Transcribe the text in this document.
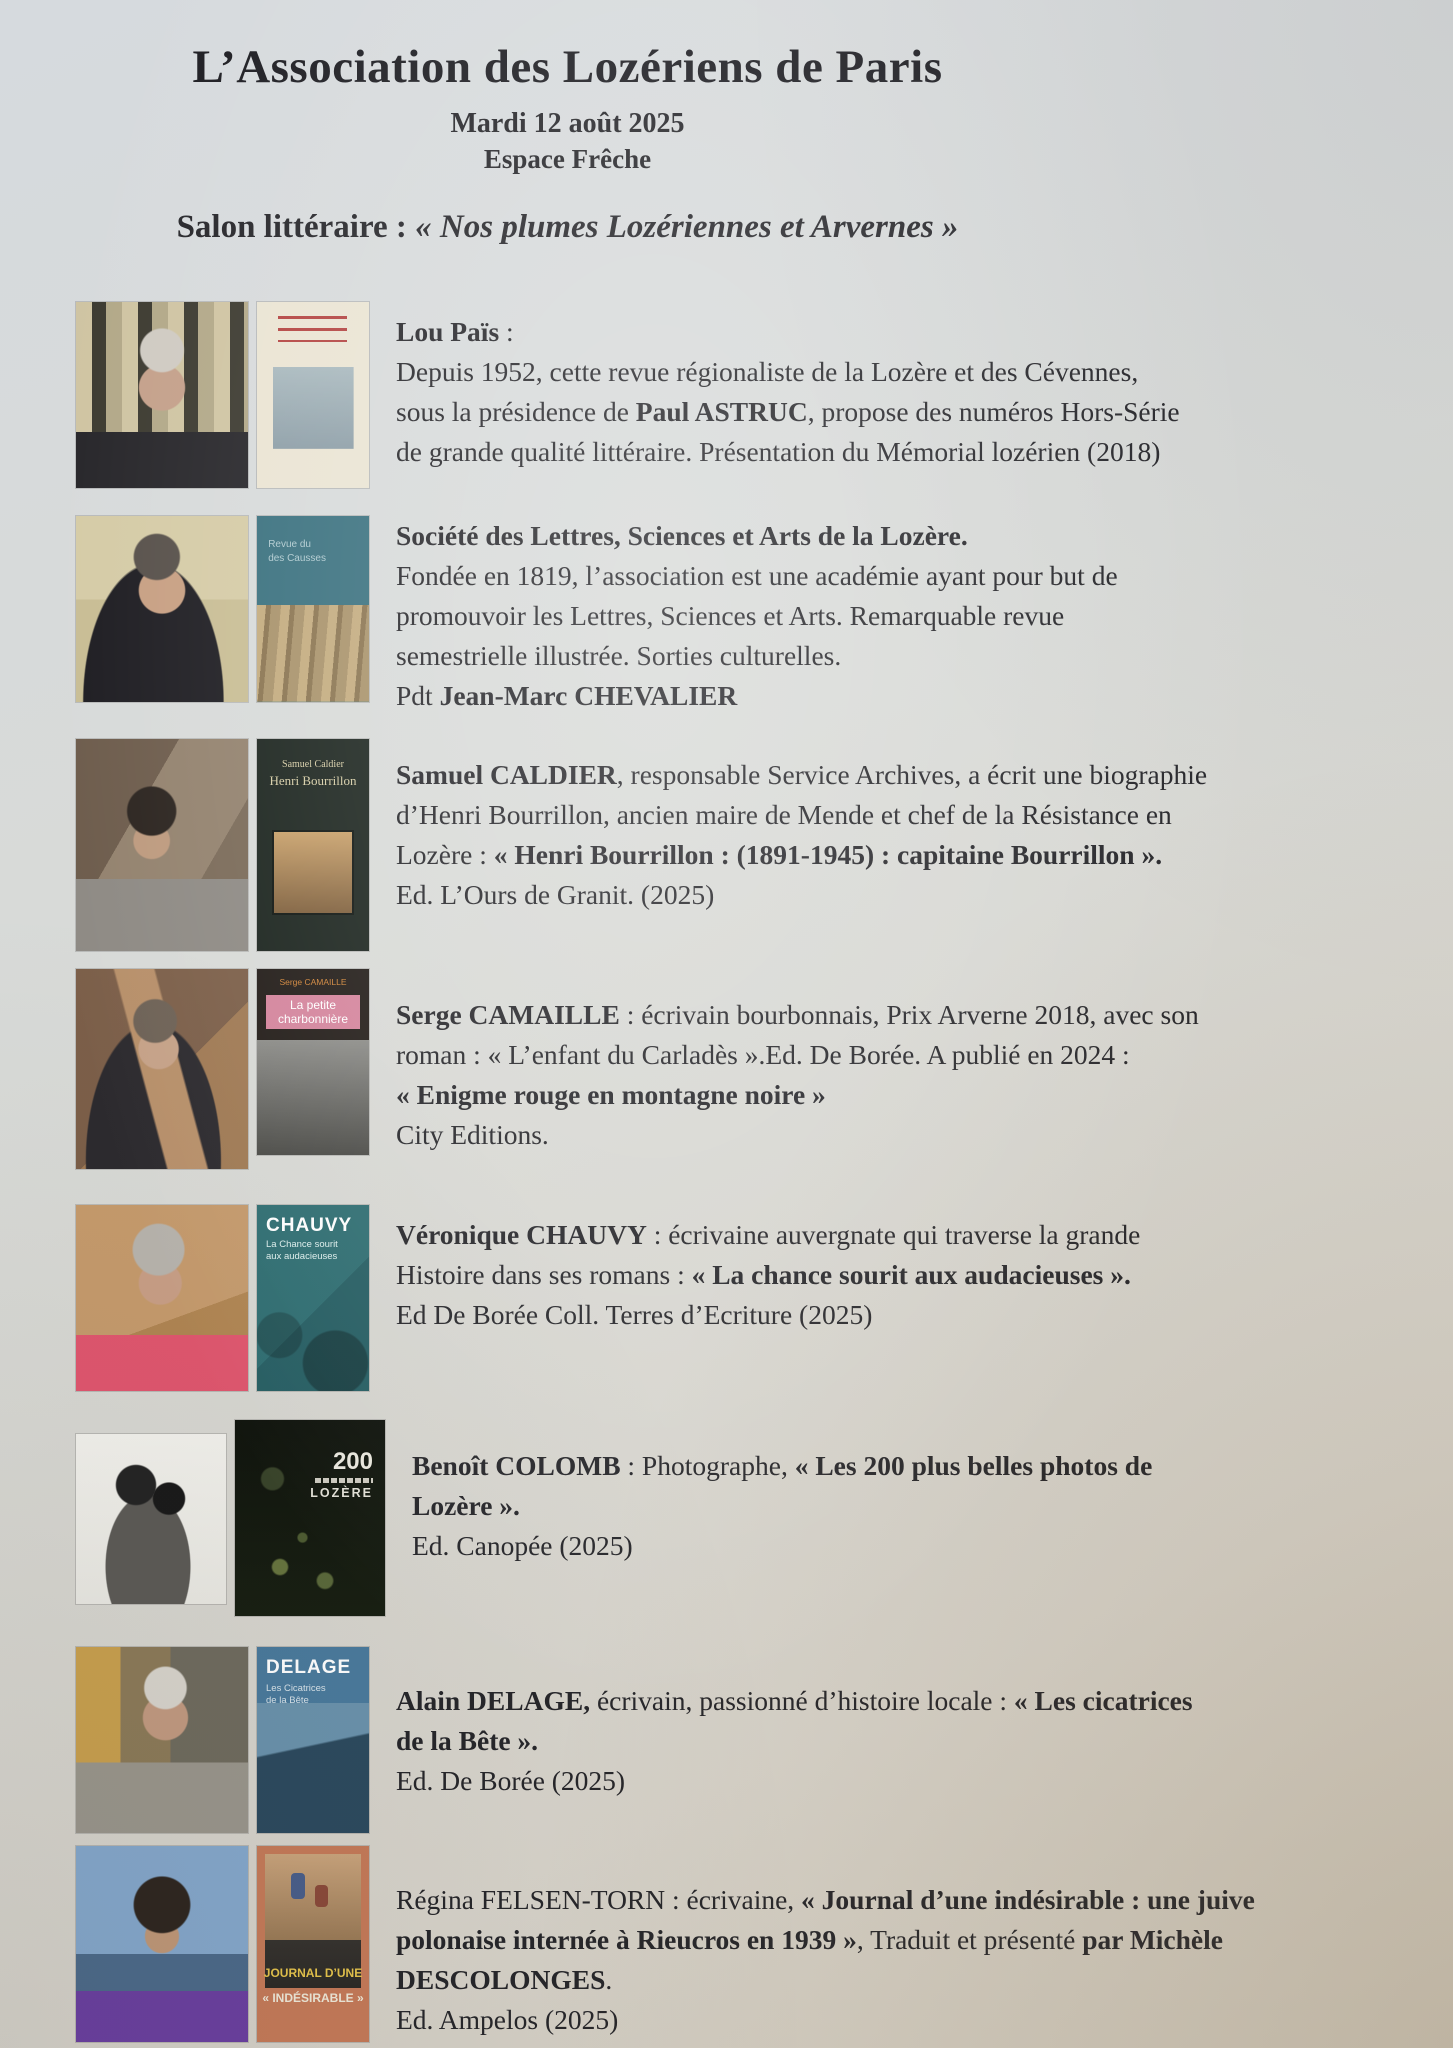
L’Association des Lozériens de Paris
Mardi 12 août 2025
Espace Frêche
Salon littéraire : « Nos plumes Lozériennes et Arvernes »
Lou Païs :
Depuis 1952, cette revue régionaliste de la Lozère et des Cévennes,
sous la présidence de Paul ASTRUC, propose des numéros Hors-Série
de grande qualité littéraire. Présentation du Mémorial lozérien (2018)
Revue du
des Causses
Société des Lettres, Sciences et Arts de la Lozère.
Fondée en 1819, l’association est une académie ayant pour but de
promouvoir les Lettres, Sciences et Arts. Remarquable revue
semestrielle illustrée. Sorties culturelles.
Pdt Jean-Marc CHEVALIER
Samuel Caldier
Henri Bourrillon	Samuel CALDIER, responsable Service Archives, a écrit une biographie
d’Henri Bourrillon, ancien maire de Mende et chef de la Résistance en
Lozère : « Henri Bourrillon : (1891-1945) : capitaine Bourrillon ».
Ed. L’Ours de Granit. (2025)
Serge CAMAILLE
La petite
charbonnière	Serge CAMAILLE : écrivain bourbonnais, Prix Arverne 2018, avec son
roman : « L’enfant du Carladès ».Ed. De Borée. A publié en 2024 :
« Enigme rouge en montagne noire »
City Editions.
CHAUVY
La Chance sourit
aux audacieuses
Véronique CHAUVY : écrivaine auvergnate qui traverse la grande
Histoire dans ses romans : « La chance sourit aux audacieuses ».
Ed De Borée Coll. Terres d’Ecriture (2025)
200
LOZÈRE
Benoît COLOMB : Photographe, « Les 200 plus belles photos de
Lozère ».
Ed. Canopée (2025)
DELAGE
Les Cicatrices
de la Bête	Alain DELAGE, écrivain, passionné d’histoire locale : « Les cicatrices
de la Bête ».
Ed. De Borée (2025)
JOURNAL D’UNE
« INDÉSIRABLE »
Régina FELSEN-TORN : écrivaine, « Journal d’une indésirable : une juive
polonaise internée à Rieucros en 1939 », Traduit et présenté par Michèle
DESCOLONGES.
Ed. Ampelos (2025)
